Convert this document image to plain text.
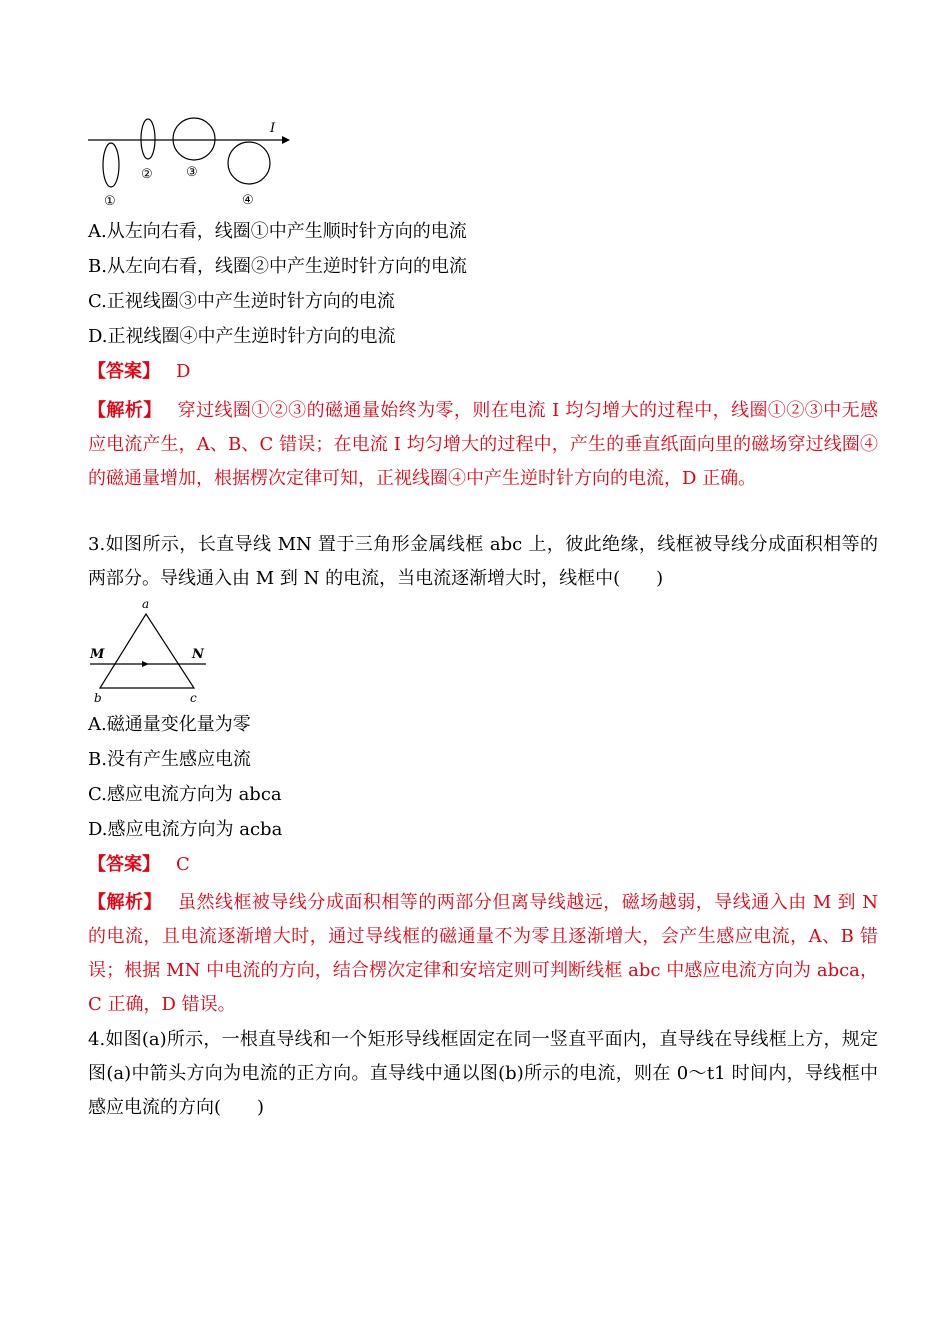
I
①
②	③
④
A.从左向右看，线圈①中产生顺时针方向的电流
B.从左向右看，线圈②中产生逆时针方向的电流
C.正视线圈③中产生逆时针方向的电流
D.正视线圈④中产生逆时针方向的电流
【答案】 D
【解析】 穿过线圈①②③的磁通量始终为零，则在电流 I 均匀增大的过程中，线圈①②③中无感应电流产生，A、B、C 错误；在电流 I 均匀增大的过程中，产生的垂直纸面向里的磁场穿过线圈④的磁通量增加，根据楞次定律可知，正视线圈④中产生逆时针方向的电流，D 正确。
3.如图所示，长直导线 MN 置于三角形金属线框 abc 上，彼此绝缘，线框被导线分成面积相等的两部分。导线通入由 M 到 N 的电流，当电流逐渐增大时，线框中(　　)
a
b	c
M	N
A.磁通量变化量为零
B.没有产生感应电流
C.感应电流方向为 abca
D.感应电流方向为 acba
【答案】 C
【解析】 虽然线框被导线分成面积相等的两部分但离导线越远，磁场越弱，导线通入由 M 到 N 的电流，且电流逐渐增大时，通过导线框的磁通量不为零且逐渐增大，会产生感应电流，A、B 错误；根据 MN 中电流的方向，结合楞次定律和安培定则可判断线框 abc 中感应电流方向为 abca，C 正确，D 错误。
4.如图(a)所示，一根直导线和一个矩形导线框固定在同一竖直平面内，直导线在导线框上方，规定图(a)中箭头方向为电流的正方向。直导线中通以图(b)所示的电流，则在 0～t1 时间内，导线框中感应电流的方向(　　)
